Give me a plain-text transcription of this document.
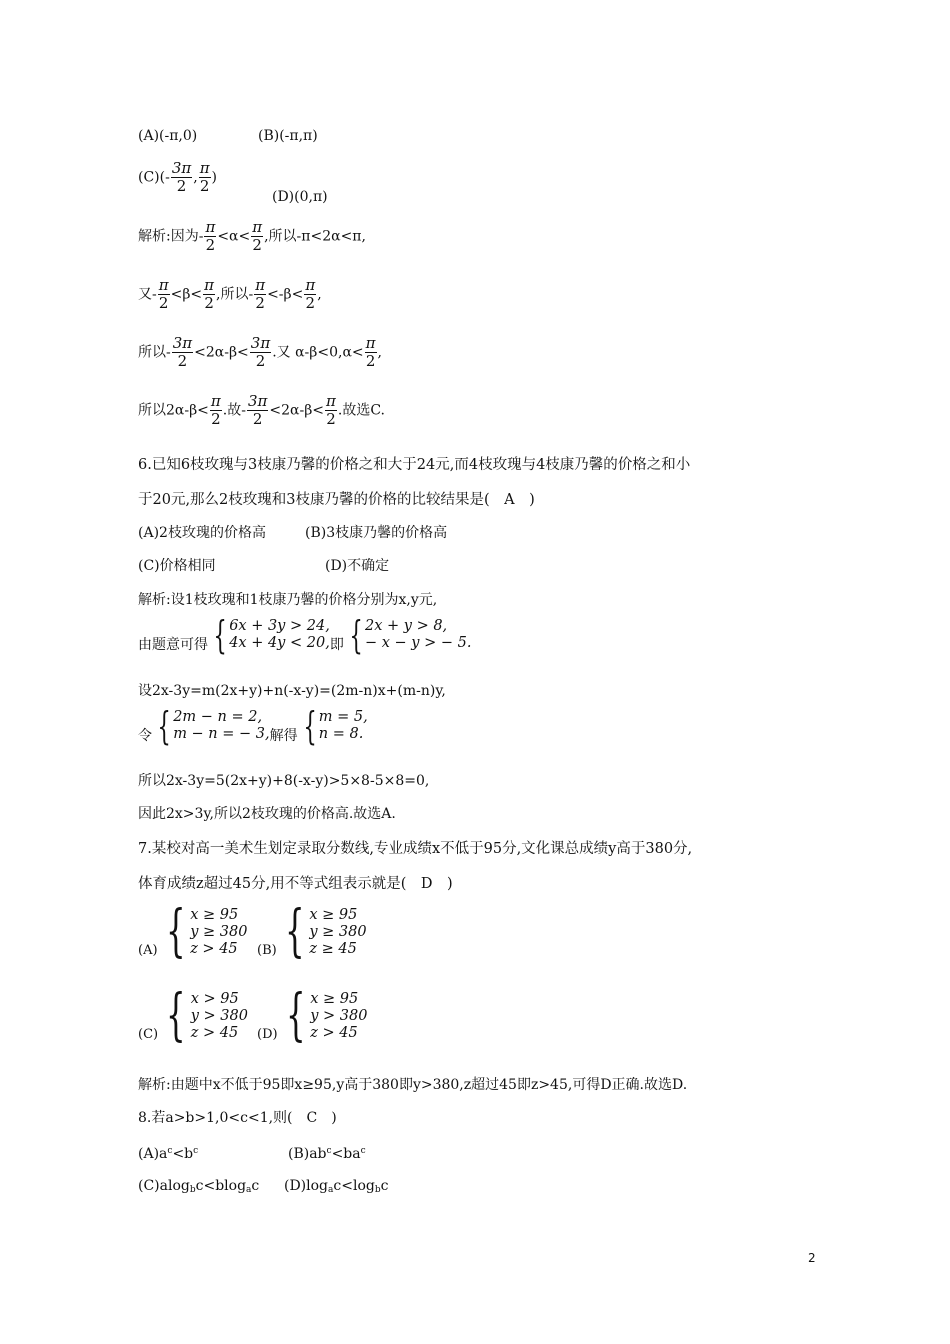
(A)(-π,0)	(B)(-π,π)
$(C)(- \frac{3\pi}{2}$ , $\frac{\pi}{2}$ )
(D)(0,π)
解析:因为- $\frac{\pi}{2} <\alpha< \frac{\pi}{2}$ ,所以-π<2α<π,
又- $\frac{\pi}{2} <\beta< \frac{\pi}{2}$ ,所以- $\frac{\pi}{2} <-\beta< \frac{\pi}{2}$ ,
所以- $\frac{3\pi}{2} <2\alpha-\beta< \frac{3\pi}{2}$ .又 $\alpha-\beta<0,\alpha< \frac{\pi}{2}$ ,
所以$2\alpha-\beta< \frac{\pi}{2}$ .故- $\frac{3\pi}{2} <2\alpha-\beta< \frac{\pi}{2}$ .故选C.
6.已知6枝玫瑰与3枝康乃馨的价格之和大于24元,而4枝玫瑰与4枝康乃馨的价格之和小
于20元,那么2枝玫瑰和3枝康乃馨的价格的比较结果是(　A　)
(A)2枝玫瑰的价格高	(B)3枝康乃馨的价格高
(C)价格相同	(D)不确定
解析:设1枝玫瑰和1枝康乃馨的价格分别为x,y元,
由题意可得 { 6x + 3y > 24,
4x + 4y < 20, 即 { 2x + y > 8,
− x − y > − 5.
设2x-3y=m(2x+y)+n(-x-y)=(2m-n)x+(m-n)y,
令 { 2m − n = 2,
m − n = − 3, 解得 { m = 5,
n = 8.
所以2x-3y=5(2x+y)+8(-x-y)>5×8-5×8=0,
因此2x>3y,所以2枝玫瑰的价格高.故选A.
7.某校对高一美术生划定录取分数线,专业成绩x不低于95分,文化课总成绩y高于380分,
体育成绩z超过45分,用不等式组表示就是(　D　)
(A) { x ≥ 95
y ≥ 380
z > 45	(B) { x ≥ 95
y ≥ 380
z ≥ 45
(C) { x > 95
y > 380
z > 45	(D) { x ≥ 95
y > 380
z > 45
解析:由题中x不低于95即x≥95,y高于380即y>380,z超过45即z>45,可得D正确.故选D.
8.若a>b>1,0<c<1,则(　C　)
$(A)a^c<b^c$	$(B)ab^c<ba^c$
(C)alog$_b$c<blog$_a$c $(D)\log_ac<\log_bc$
2
